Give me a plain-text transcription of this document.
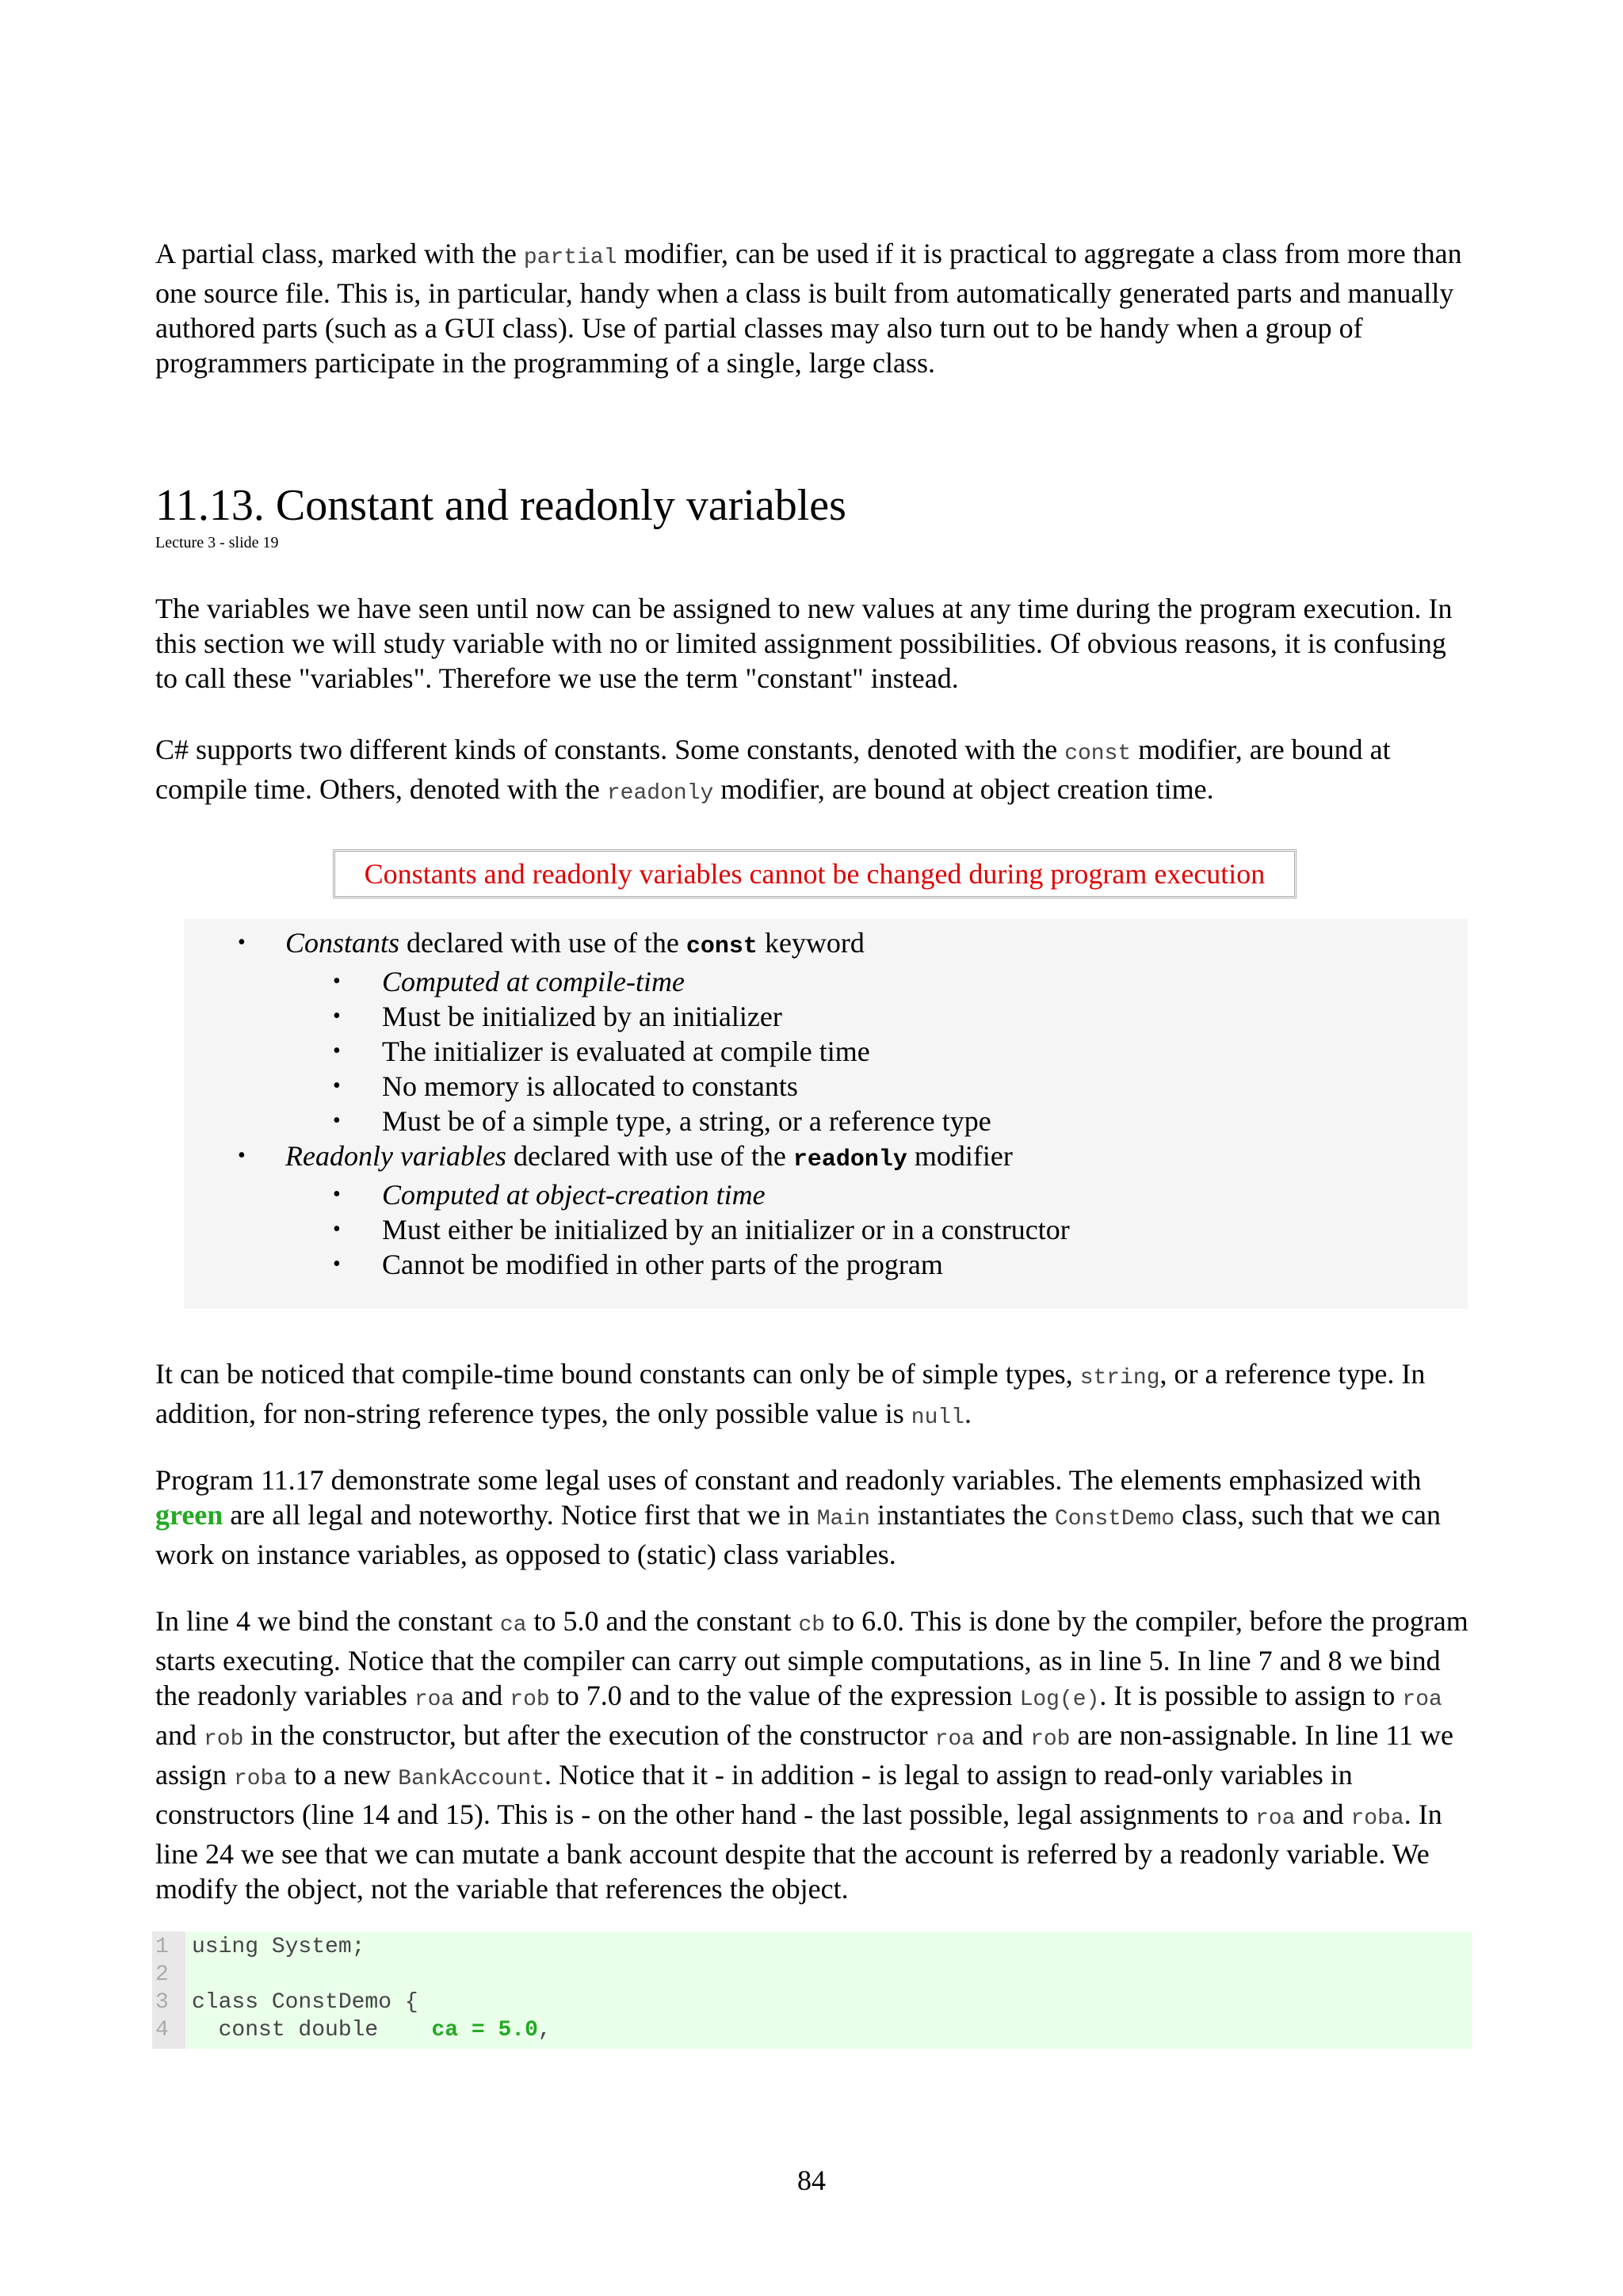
A partial class, marked with the partial modifier, can be used if it is practical to aggregate a class from more than one source file. This is, in particular, handy when a class is built from automatically generated parts and manually authored parts (such as a GUI class). Use of partial classes may also turn out to be handy when a group of programmers participate in the programming of a single, large class.

11.13. Constant and readonly variables
Lecture 3 - slide 19

The variables we have seen until now can be assigned to new values at any time during the program execution. In this section we will study variable with no or limited assignment possibilities. Of obvious reasons, it is confusing to call these "variables". Therefore we use the term "constant" instead.

C# supports two different kinds of constants. Some constants, denoted with the const modifier, are bound at compile time. Others, denoted with the readonly modifier, are bound at object creation time.

Constants and readonly variables cannot be changed during program execution
• Constants declared with use of the const keyword
• Computed at compile-time
• Must be initialized by an initializer
• The initializer is evaluated at compile time
• No memory is allocated to constants
• Must be of a simple type, a string, or a reference type
• Readonly variables declared with use of the readonly modifier
• Computed at object-creation time
• Must either be initialized by an initializer or in a constructor
• Cannot be modified in other parts of the program

It can be noticed that compile-time bound constants can only be of simple types, string, or a reference type. In addition, for non-string reference types, the only possible value is null.

Program 11.17 demonstrate some legal uses of constant and readonly variables. The elements emphasized with green are all legal and noteworthy. Notice first that we in Main instantiates the ConstDemo class, such that we can work on instance variables, as opposed to (static) class variables.

In line 4 we bind the constant ca to 5.0 and the constant cb to 6.0. This is done by the compiler, before the program starts executing. Notice that the compiler can carry out simple computations, as in line 5. In line 7 and 8 we bind the readonly variables roa and rob to 7.0 and to the value of the expression Log(e). It is possible to assign to roa and rob in the constructor, but after the execution of the constructor roa and rob are non-assignable. In line 11 we assign roba to a new BankAccount. Notice that it - in addition - is legal to assign to read-only variables in constructors (line 14 and 15). This is - on the other hand - the last possible, legal assignments to roa and roba. In line 24 we see that we can mutate a bank account despite that the account is referred by a readonly variable. We modify the object, not the variable that references the object.

1 using System;
2
3 class ConstDemo {
4 const double    ca = 5.0,
84
